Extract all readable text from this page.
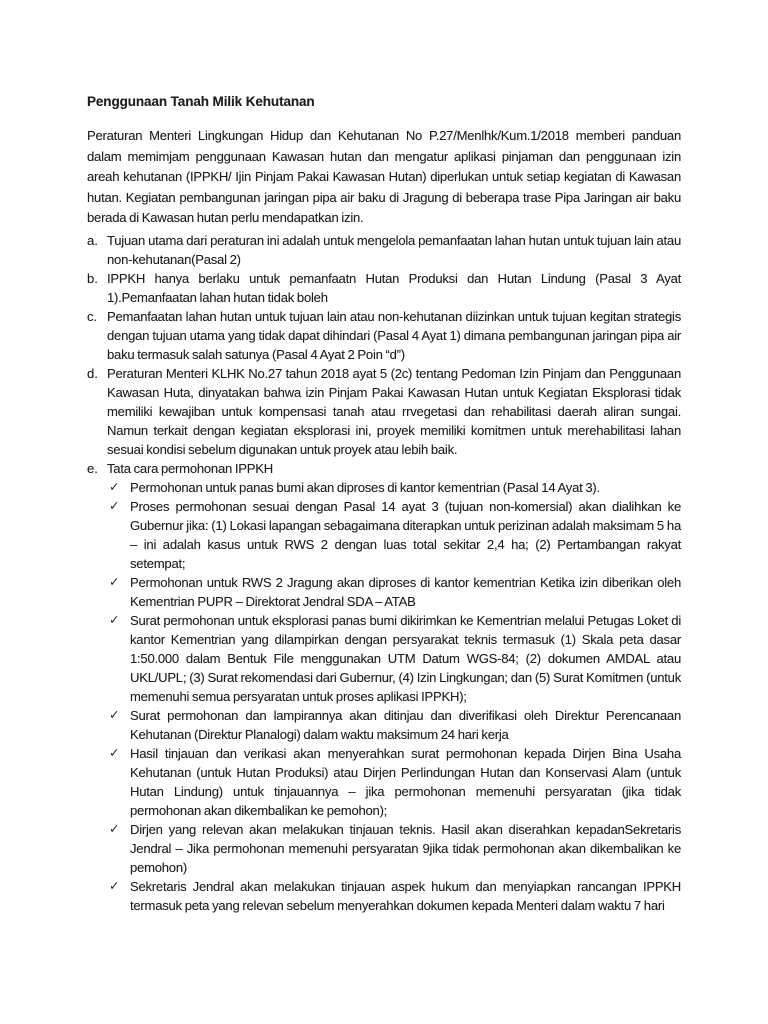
Penggunaan Tanah Milik Kehutanan

Peraturan Menteri Lingkungan Hidup dan Kehutanan No P.27/Menlhk/Kum.1/2018 memberi panduan dalam memimjam penggunaan Kawasan hutan dan mengatur aplikasi pinjaman dan penggunaan izin areah kehutanan (IPPKH/ Ijin Pinjam Pakai Kawasan Hutan) diperlukan untuk setiap kegiatan di Kawasan hutan. Kegiatan pembangunan jaringan pipa air baku di Jragung di beberapa trase Pipa Jaringan air baku berada di Kawasan hutan perlu mendapatkan izin.

a. Tujuan utama dari peraturan ini adalah untuk mengelola pemanfaatan lahan hutan untuk tujuan lain atau non-kehutanan(Pasal 2)

b. IPPKH hanya berlaku untuk pemanfaatn Hutan Produksi dan Hutan Lindung (Pasal 3 Ayat 1).Pemanfaatan lahan hutan tidak boleh

c. Pemanfaatan lahan hutan untuk tujuan lain atau non-kehutanan diizinkan untuk tujuan kegitan strategis dengan tujuan utama yang tidak dapat dihindari (Pasal 4 Ayat 1) dimana pembangunan jaringan pipa air baku termasuk salah satunya (Pasal 4 Ayat 2 Poin “d”)

d. Peraturan Menteri KLHK No.27 tahun 2018 ayat 5 (2c) tentang Pedoman Izin Pinjam dan Penggunaan Kawasan Huta, dinyatakan bahwa izin Pinjam Pakai Kawasan Hutan untuk Kegiatan Eksplorasi tidak memiliki kewajiban untuk kompensasi tanah atau rrvegetasi dan rehabilitasi daerah aliran sungai. Namun terkait dengan kegiatan eksplorasi ini, proyek memiliki komitmen untuk merehabilitasi lahan sesuai kondisi sebelum digunakan untuk proyek atau lebih baik.

e. Tata cara permohonan IPPKH

✓ Permohonan untuk panas bumi akan diproses di kantor kementrian (Pasal 14 Ayat 3).

✓ Proses permohonan sesuai dengan Pasal 14 ayat 3 (tujuan non-komersial) akan dialihkan ke Gubernur jika: (1) Lokasi lapangan sebagaimana diterapkan untuk perizinan adalah maksimam 5 ha – ini adalah kasus untuk RWS 2 dengan luas total sekitar 2,4 ha; (2) Pertambangan rakyat setempat;

✓ Permohonan untuk RWS 2 Jragung akan diproses di kantor kementrian Ketika izin diberikan oleh Kementrian PUPR – Direktorat Jendral SDA – ATAB

✓ Surat permohonan untuk eksplorasi panas bumi dikirimkan ke Kementrian melalui Petugas Loket di kantor Kementrian yang dilampirkan dengan persyarakat teknis termasuk (1) Skala peta dasar 1:50.000 dalam Bentuk File menggunakan UTM Datum WGS-84; (2) dokumen AMDAL atau UKL/UPL; (3) Surat rekomendasi dari Gubernur, (4) Izin Lingkungan; dan (5) Surat Komitmen (untuk memenuhi semua persyaratan untuk proses aplikasi IPPKH);

✓ Surat permohonan dan lampirannya akan ditinjau dan diverifikasi oleh Direktur Perencanaan Kehutanan (Direktur Planalogi) dalam waktu maksimum 24 hari kerja

✓ Hasil tinjauan dan verikasi akan menyerahkan surat permohonan kepada Dirjen Bina Usaha Kehutanan (untuk Hutan Produksi) atau Dirjen Perlindungan Hutan dan Konservasi Alam (untuk Hutan Lindung) untuk tinjauannya – jika permohonan memenuhi persyaratan (jika tidak permohonan akan dikembalikan ke pemohon);

✓ Dirjen yang relevan akan melakukan tinjauan teknis. Hasil akan diserahkan kepadanSekretaris Jendral – Jika permohonan memenuhi persyaratan 9jika tidak permohonan akan dikembalikan ke pemohon)

✓ Sekretaris Jendral akan melakukan tinjauan aspek hukum dan menyiapkan rancangan IPPKH termasuk peta yang relevan sebelum menyerahkan dokumen kepada Menteri dalam waktu 7 hari
